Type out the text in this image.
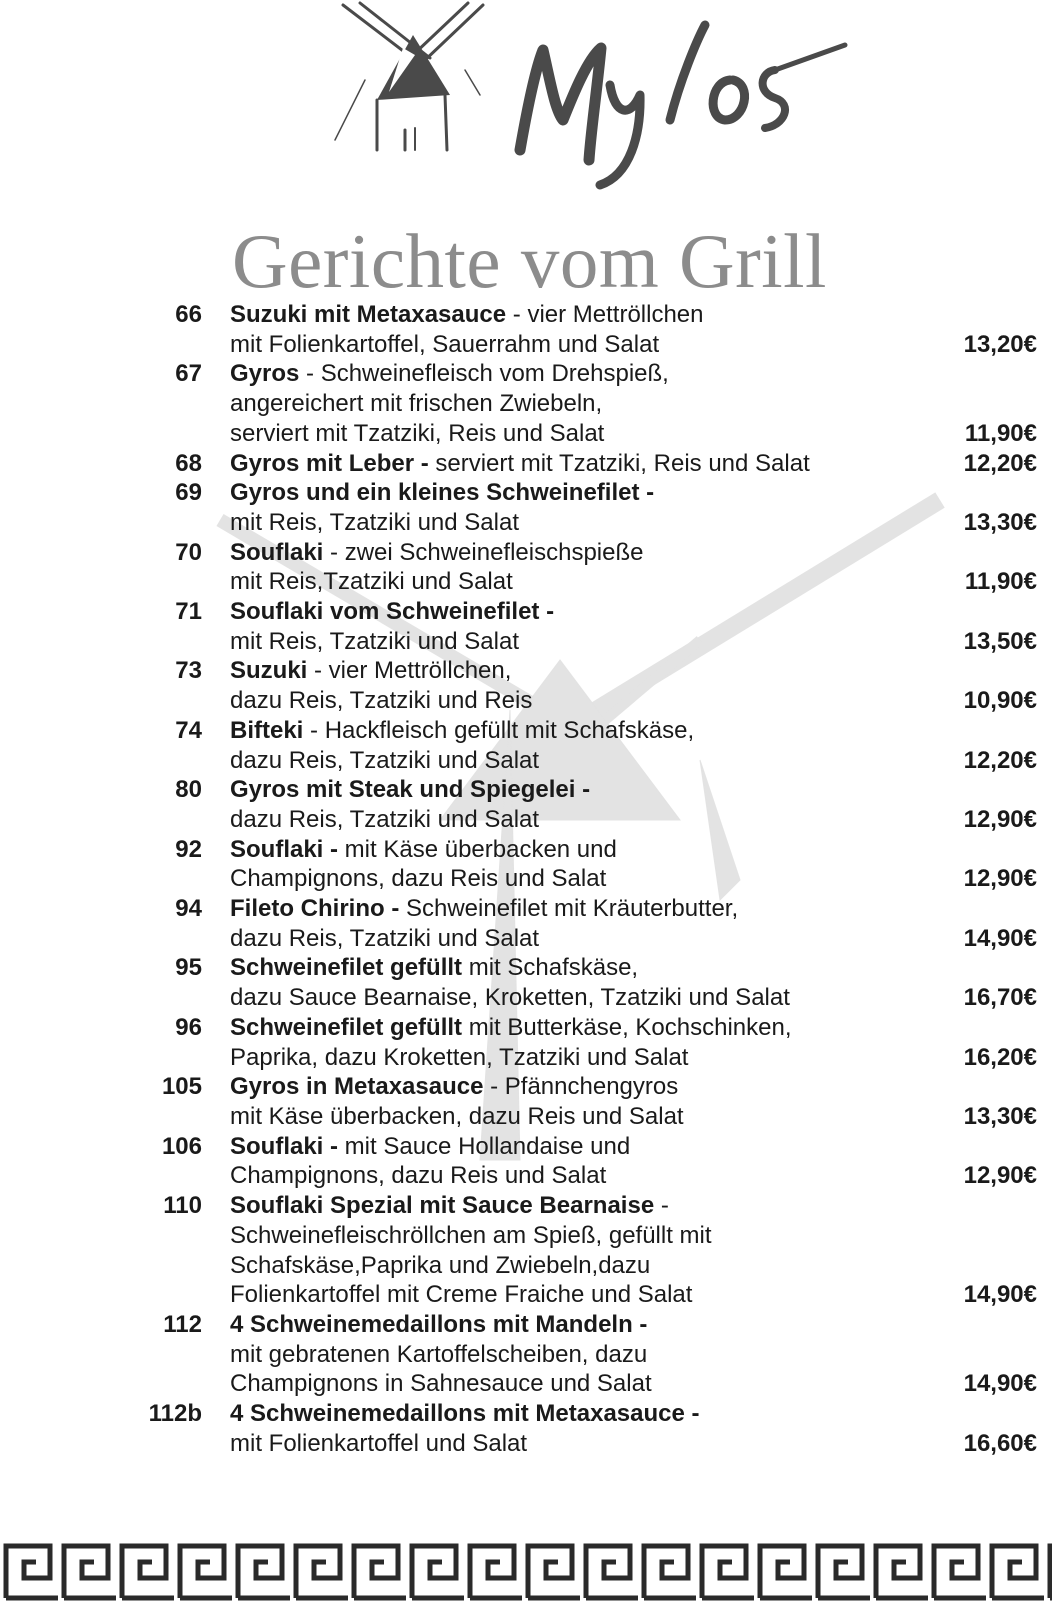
Gerichte vom Grill
66 Suzuki mit Metaxasauce - vier Mettröllchen
mit Folienkartoffel, Sauerrahm und Salat	13,20€
67 Gyros - Schweinefleisch vom Drehspieß,
angereichert mit frischen Zwiebeln,
serviert mit Tzatziki, Reis und Salat	11,90€
68 Gyros mit Leber - serviert mit Tzatziki, Reis und Salat	12,20€
69 Gyros und ein kleines Schweinefilet -
mit Reis, Tzatziki und Salat	13,30€
70 Souflaki - zwei Schweinefleischspieße
mit Reis,Tzatziki und Salat	11,90€
71 Souflaki vom Schweinefilet -
mit Reis, Tzatziki und Salat	13,50€
73 Suzuki - vier Mettröllchen,
dazu Reis, Tzatziki und Reis	10,90€
74 Bifteki - Hackfleisch gefüllt mit Schafskäse,
dazu Reis, Tzatziki und Salat	12,20€
80 Gyros mit Steak und Spiegelei -
dazu Reis, Tzatziki und Salat	12,90€
92 Souflaki - mit Käse überbacken und
Champignons, dazu Reis und Salat	12,90€
94 Fileto Chirino - Schweinefilet mit Kräuterbutter,
dazu Reis, Tzatziki und Salat	14,90€
95 Schweinefilet gefüllt mit Schafskäse,
dazu Sauce Bearnaise, Kroketten, Tzatziki und Salat	16,70€
96 Schweinefilet gefüllt mit Butterkäse, Kochschinken,
Paprika, dazu Kroketten, Tzatziki und Salat	16,20€
105 Gyros in Metaxasauce - Pfännchengyros
mit Käse überbacken, dazu Reis und Salat	13,30€
106 Souflaki - mit Sauce Hollandaise und
Champignons, dazu Reis und Salat	12,90€
110 Souflaki Spezial mit Sauce Bearnaise -
Schweinefleischröllchen am Spieß, gefüllt mit
Schafskäse,Paprika und Zwiebeln,dazu
Folienkartoffel mit Creme Fraiche und Salat	14,90€
112 4 Schweinemedaillons mit Mandeln -
mit gebratenen Kartoffelscheiben, dazu
Champignons in Sahnesauce und Salat	14,90€
112b 4 Schweinemedaillons mit Metaxasauce -
mit Folienkartoffel und Salat	16,60€
